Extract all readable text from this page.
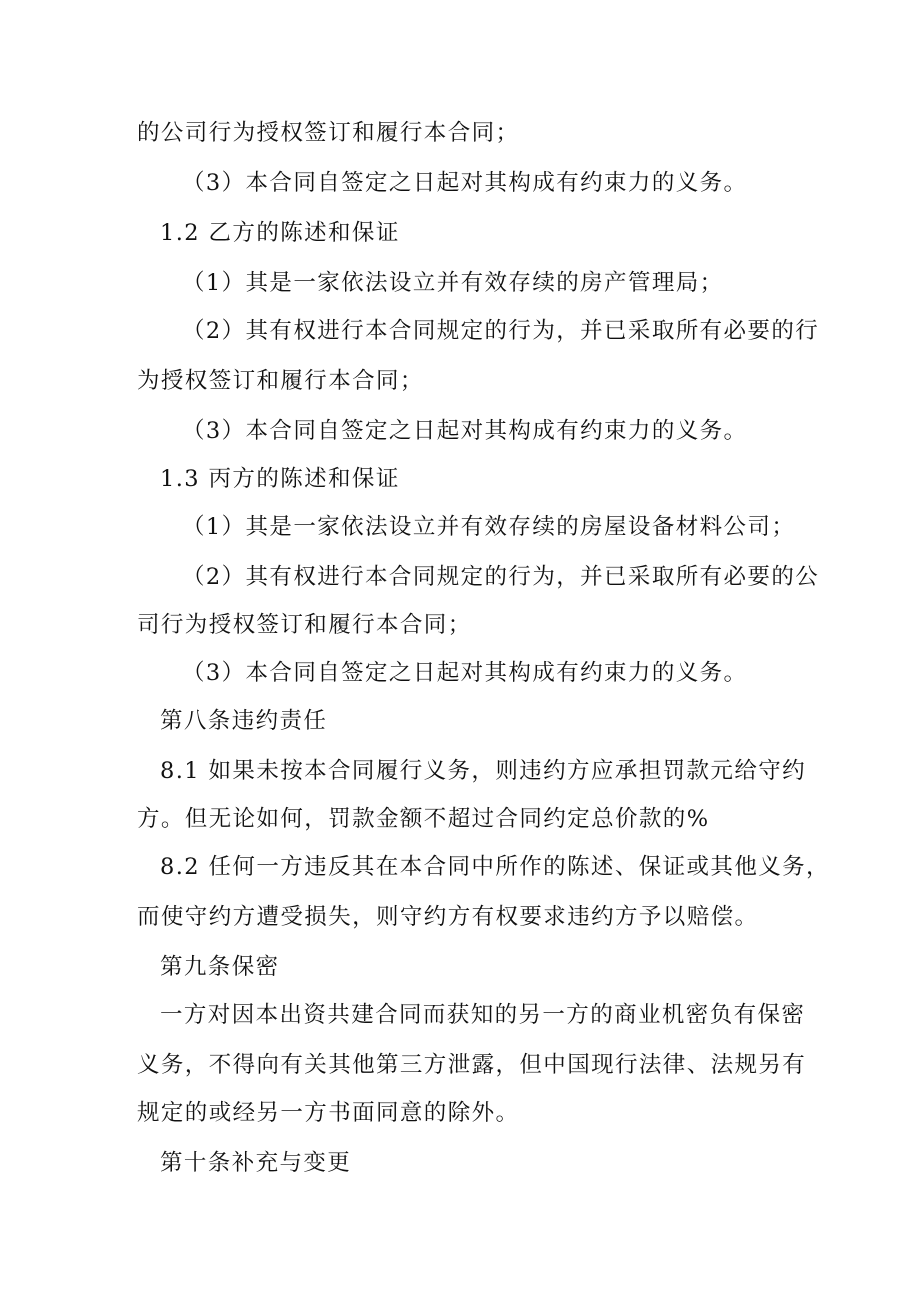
的公司行为授权签订和履行本合同；
（3）本合同自签定之日起对其构成有约束力的义务。
1.2 乙方的陈述和保证
（1）其是一家依法设立并有效存续的房产管理局；
（2）其有权进行本合同规定的行为，并已采取所有必要的行
为授权签订和履行本合同；
（3）本合同自签定之日起对其构成有约束力的义务。
1.3 丙方的陈述和保证
（1）其是一家依法设立并有效存续的房屋设备材料公司；
（2）其有权进行本合同规定的行为，并已采取所有必要的公
司行为授权签订和履行本合同；
（3）本合同自签定之日起对其构成有约束力的义务。
第八条违约责任
8.1 如果未按本合同履行义务，则违约方应承担罚款元给守约
方。但无论如何，罚款金额不超过合同约定总价款的%
8.2 任何一方违反其在本合同中所作的陈述、保证或其他义务，
而使守约方遭受损失，则守约方有权要求违约方予以赔偿。
第九条保密
一方对因本出资共建合同而获知的另一方的商业机密负有保密
义务，不得向有关其他第三方泄露，但中国现行法律、法规另有
规定的或经另一方书面同意的除外。
第十条补充与变更
